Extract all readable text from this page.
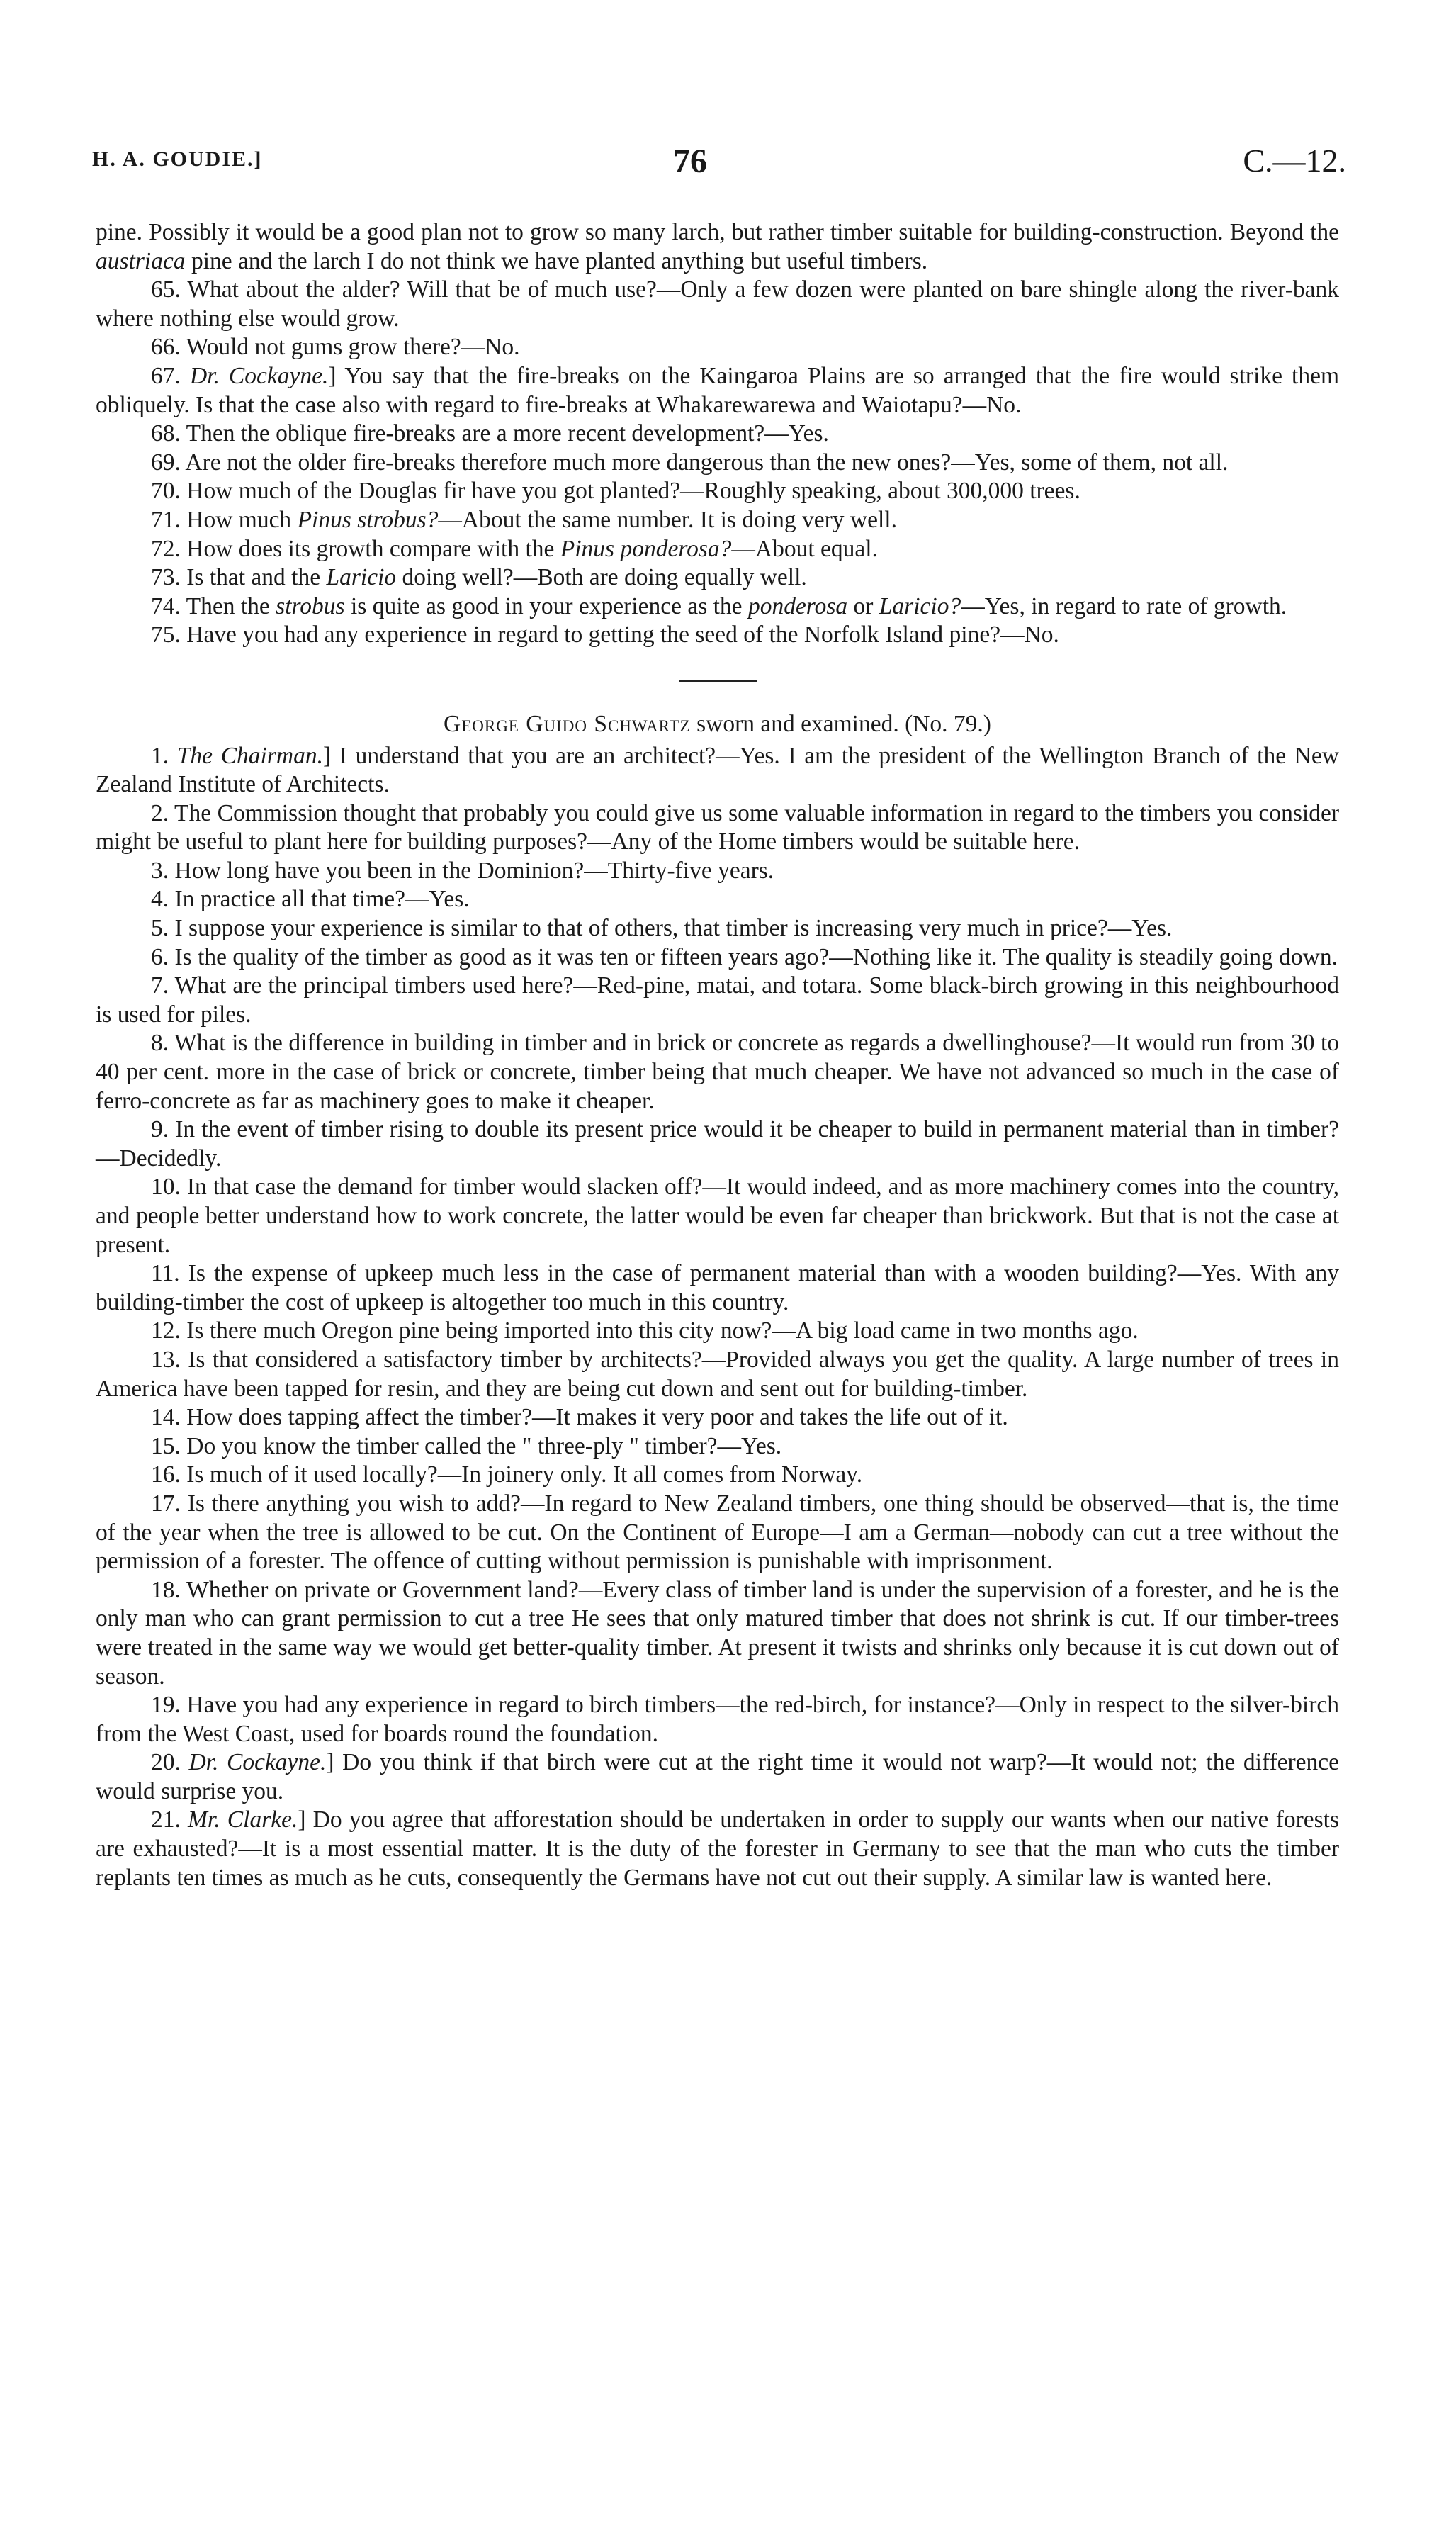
H. A. GOUDIE.]	76	C.—12.

pine. Possibly it would be a good plan not to grow so many larch, but rather timber suitable for building-construction. Beyond the austriaca pine and the larch I do not think we have planted anything but useful timbers.

65. What about the alder? Will that be of much use?—Only a few dozen were planted on bare shingle along the river-bank where nothing else would grow.

66. Would not gums grow there?—No.

67. Dr. Cockayne.] You say that the fire-breaks on the Kaingaroa Plains are so arranged that the fire would strike them obliquely. Is that the case also with regard to fire-breaks at Whakarewarewa and Waiotapu?—No.

68. Then the oblique fire-breaks are a more recent development?—Yes.

69. Are not the older fire-breaks therefore much more dangerous than the new ones?—Yes, some of them, not all.

70. How much of the Douglas fir have you got planted?—Roughly speaking, about 300,000 trees.

71. How much Pinus strobus?—About the same number. It is doing very well.

72. How does its growth compare with the Pinus ponderosa?—About equal.

73. Is that and the Laricio doing well?—Both are doing equally well.

74. Then the strobus is quite as good in your experience as the ponderosa or Laricio?—Yes, in regard to rate of growth.

75. Have you had any experience in regard to getting the seed of the Norfolk Island pine?—No.

George Guido Schwartz sworn and examined. (No. 79.)

1. The Chairman.] I understand that you are an architect?—Yes. I am the president of the Wellington Branch of the New Zealand Institute of Architects.

2. The Commission thought that probably you could give us some valuable information in regard to the timbers you consider might be useful to plant here for building purposes?—Any of the Home timbers would be suitable here.

3. How long have you been in the Dominion?—Thirty-five years.

4. In practice all that time?—Yes.

5. I suppose your experience is similar to that of others, that timber is increasing very much in price?—Yes.

6. Is the quality of the timber as good as it was ten or fifteen years ago?—Nothing like it. The quality is steadily going down.

7. What are the principal timbers used here?—Red-pine, matai, and totara. Some black-birch growing in this neighbourhood is used for piles.

8. What is the difference in building in timber and in brick or concrete as regards a dwellinghouse?—It would run from 30 to 40 per cent. more in the case of brick or concrete, timber being that much cheaper. We have not advanced so much in the case of ferro-concrete as far as machinery goes to make it cheaper.

9. In the event of timber rising to double its present price would it be cheaper to build in permanent material than in timber?—Decidedly.

10. In that case the demand for timber would slacken off?—It would indeed, and as more machinery comes into the country, and people better understand how to work concrete, the latter would be even far cheaper than brickwork. But that is not the case at present.

11. Is the expense of upkeep much less in the case of permanent material than with a wooden building?—Yes. With any building-timber the cost of upkeep is altogether too much in this country.

12. Is there much Oregon pine being imported into this city now?—A big load came in two months ago.

13. Is that considered a satisfactory timber by architects?—Provided always you get the quality. A large number of trees in America have been tapped for resin, and they are being cut down and sent out for building-timber.

14. How does tapping affect the timber?—It makes it very poor and takes the life out of it.

15. Do you know the timber called the " three-ply " timber?—Yes.

16. Is much of it used locally?—In joinery only. It all comes from Norway.

17. Is there anything you wish to add?—In regard to New Zealand timbers, one thing should be observed—that is, the time of the year when the tree is allowed to be cut. On the Continent of Europe—I am a German—nobody can cut a tree without the permission of a forester. The offence of cutting without permission is punishable with imprisonment.

18. Whether on private or Government land?—Every class of timber land is under the supervision of a forester, and he is the only man who can grant permission to cut a tree He sees that only matured timber that does not shrink is cut. If our timber-trees were treated in the same way we would get better-quality timber. At present it twists and shrinks only because it is cut down out of season.

19. Have you had any experience in regard to birch timbers—the red-birch, for instance?—Only in respect to the silver-birch from the West Coast, used for boards round the foundation.

20. Dr. Cockayne.] Do you think if that birch were cut at the right time it would not warp?—It would not; the difference would surprise you.

21. Mr. Clarke.] Do you agree that afforestation should be undertaken in order to supply our wants when our native forests are exhausted?—It is a most essential matter. It is the duty of the forester in Germany to see that the man who cuts the timber replants ten times as much as he cuts, consequently the Germans have not cut out their supply. A similar law is wanted here.
